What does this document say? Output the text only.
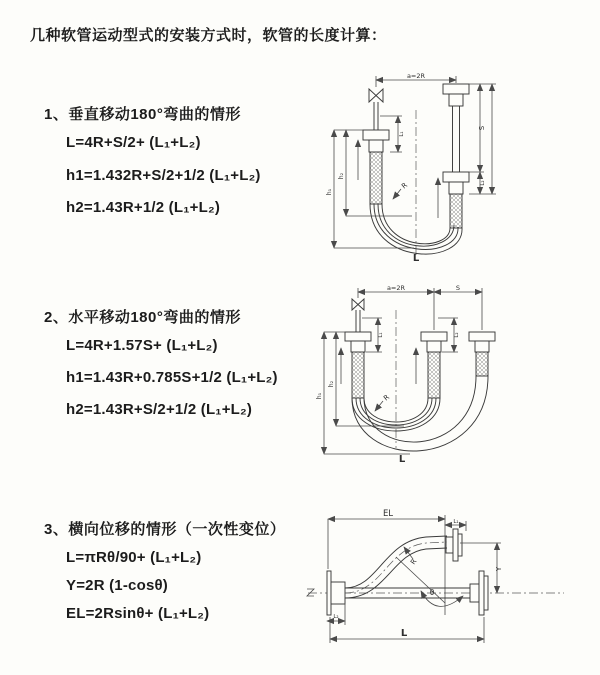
几种软管运动型式的安装方式时，软管的长度计算：
1、垂直移动180°弯曲的情形
L=4R+S/2+ (L₁+L₂)
h1=1.432R+S/2+1/2 (L₁+L₂)
h2=1.43R+1/2 (L₁+L₂)
2、水平移动180°弯曲的情形
L=4R+1.57S+ (L₁+L₂)
h1=1.43R+0.785S+1/2 (L₁+L₂)
h2=1.43R+S/2+1/2 (L₁+L₂)
3、横向位移的情形（一次性变位）
L=πRθ/90+ (L₁+L₂)
Y=2R (1-cosθ)
EL=2Rsinθ+ (L₁+L₂)
a=2R
R
L
h₁
h₂
L₁
S
L₂
a=2R	S
R
L
h₁
h₂
L₁	L₂
EL
L₁
Y
R
θ
L
L₂
